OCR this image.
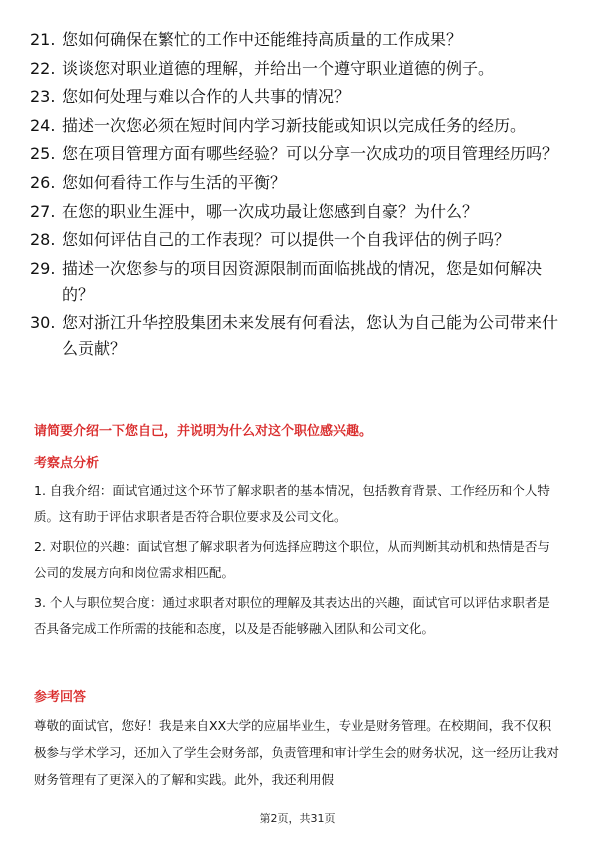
21. 您如何确保在繁忙的工作中还能维持高质量的工作成果？
22. 谈谈您对职业道德的理解，并给出一个遵守职业道德的例子。
23. 您如何处理与难以合作的人共事的情况？
24. 描述一次您必须在短时间内学习新技能或知识以完成任务的经历。
25. 您在项目管理方面有哪些经验？可以分享一次成功的项目管理经历吗？
26. 您如何看待工作与生活的平衡？
27. 在您的职业生涯中，哪一次成功最让您感到自豪？为什么？
28. 您如何评估自己的工作表现？可以提供一个自我评估的例子吗？
29. 描述一次您参与的项目因资源限制而面临挑战的情况，您是如何解决的？
30. 您对浙江升华控股集团未来发展有何看法，您认为自己能为公司带来什么贡献？
请简要介绍一下您自己，并说明为什么对这个职位感兴趣。
考察点分析
1. 自我介绍：面试官通过这个环节了解求职者的基本情况，包括教育背景、工作经历和个人特质。这有助于评估求职者是否符合职位要求及公司文化。
2. 对职位的兴趣：面试官想了解求职者为何选择应聘这个职位，从而判断其动机和热情是否与公司的发展方向和岗位需求相匹配。
3. 个人与职位契合度：通过求职者对职位的理解及其表达出的兴趣，面试官可以评估求职者是否具备完成工作所需的技能和态度，以及是否能够融入团队和公司文化。
参考回答
尊敬的面试官，您好！我是来自XX大学的应届毕业生，专业是财务管理。在校期间，我不仅积极参与学术学习，还加入了学生会财务部，负责管理和审计学生会的财务状况，这一经历让我对财务管理有了更深入的了解和实践。此外，我还利用假
第2页，共31页
